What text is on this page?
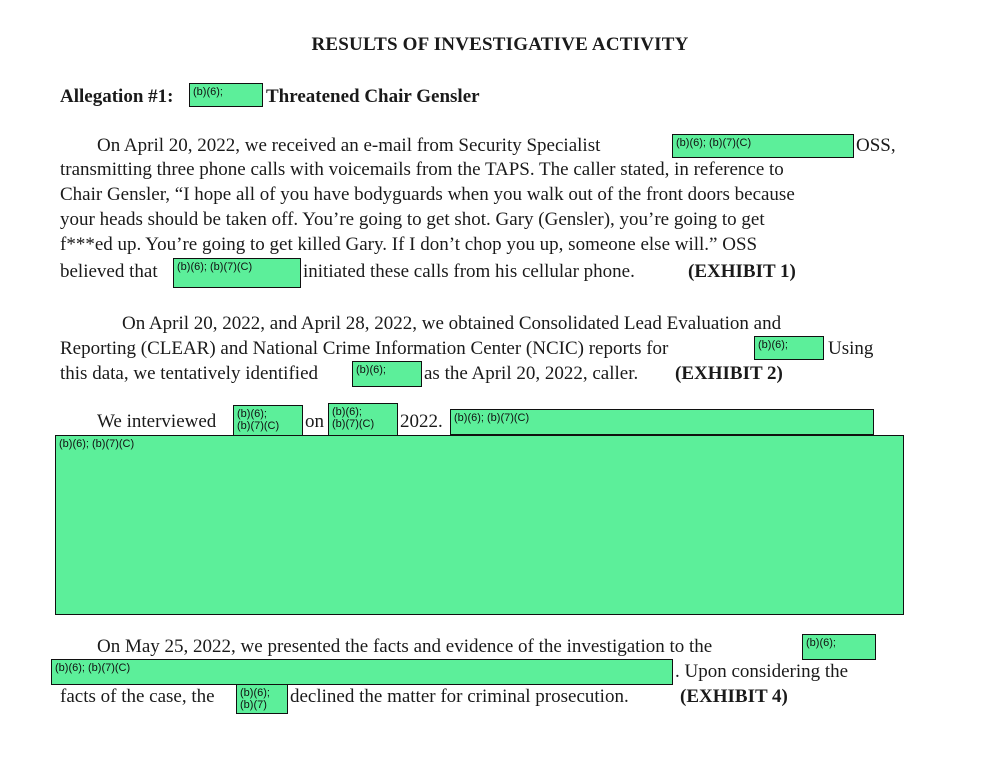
RESULTS OF INVESTIGATIVE ACTIVITY
Allegation #1:	(b)(6);	Threatened Chair Gensler
On April 20, 2022, we received an e-mail from Security Specialist	(b)(6); (b)(7)(C)	OSS,
transmitting three phone calls with voicemails from the TAPS. The caller stated, in reference to
Chair Gensler, “I hope all of you have bodyguards when you walk out of the front doors because
your heads should be taken off. You’re going to get shot. Gary (Gensler), you’re going to get
f***ed up. You’re going to get killed Gary. If I don’t chop you up, someone else will.” OSS
believed that	(b)(6); (b)(7)(C)	initiated these calls from his cellular phone.	(EXHIBIT 1)
On April 20, 2022, and April 28, 2022, we obtained Consolidated Lead Evaluation and
Reporting (CLEAR) and National Crime Information Center (NCIC) reports for	(b)(6);	Using
this data, we tentatively identified	(b)(6);	as the April 20, 2022, caller. (EXHIBIT 2)
We interviewed (b)(6);
(b)(7)(C)	on (b)(6);
(b)(7)(C)	2022.	(b)(6); (b)(7)(C)
(b)(6); (b)(7)(C)
On May 25, 2022, we presented the facts and evidence of the investigation to the	(b)(6);
(b)(6); (b)(7)(C)	. Upon considering the
facts of the case, the (b)(6);
(b)(7)	declined the matter for criminal prosecution.	(EXHIBIT 4)
